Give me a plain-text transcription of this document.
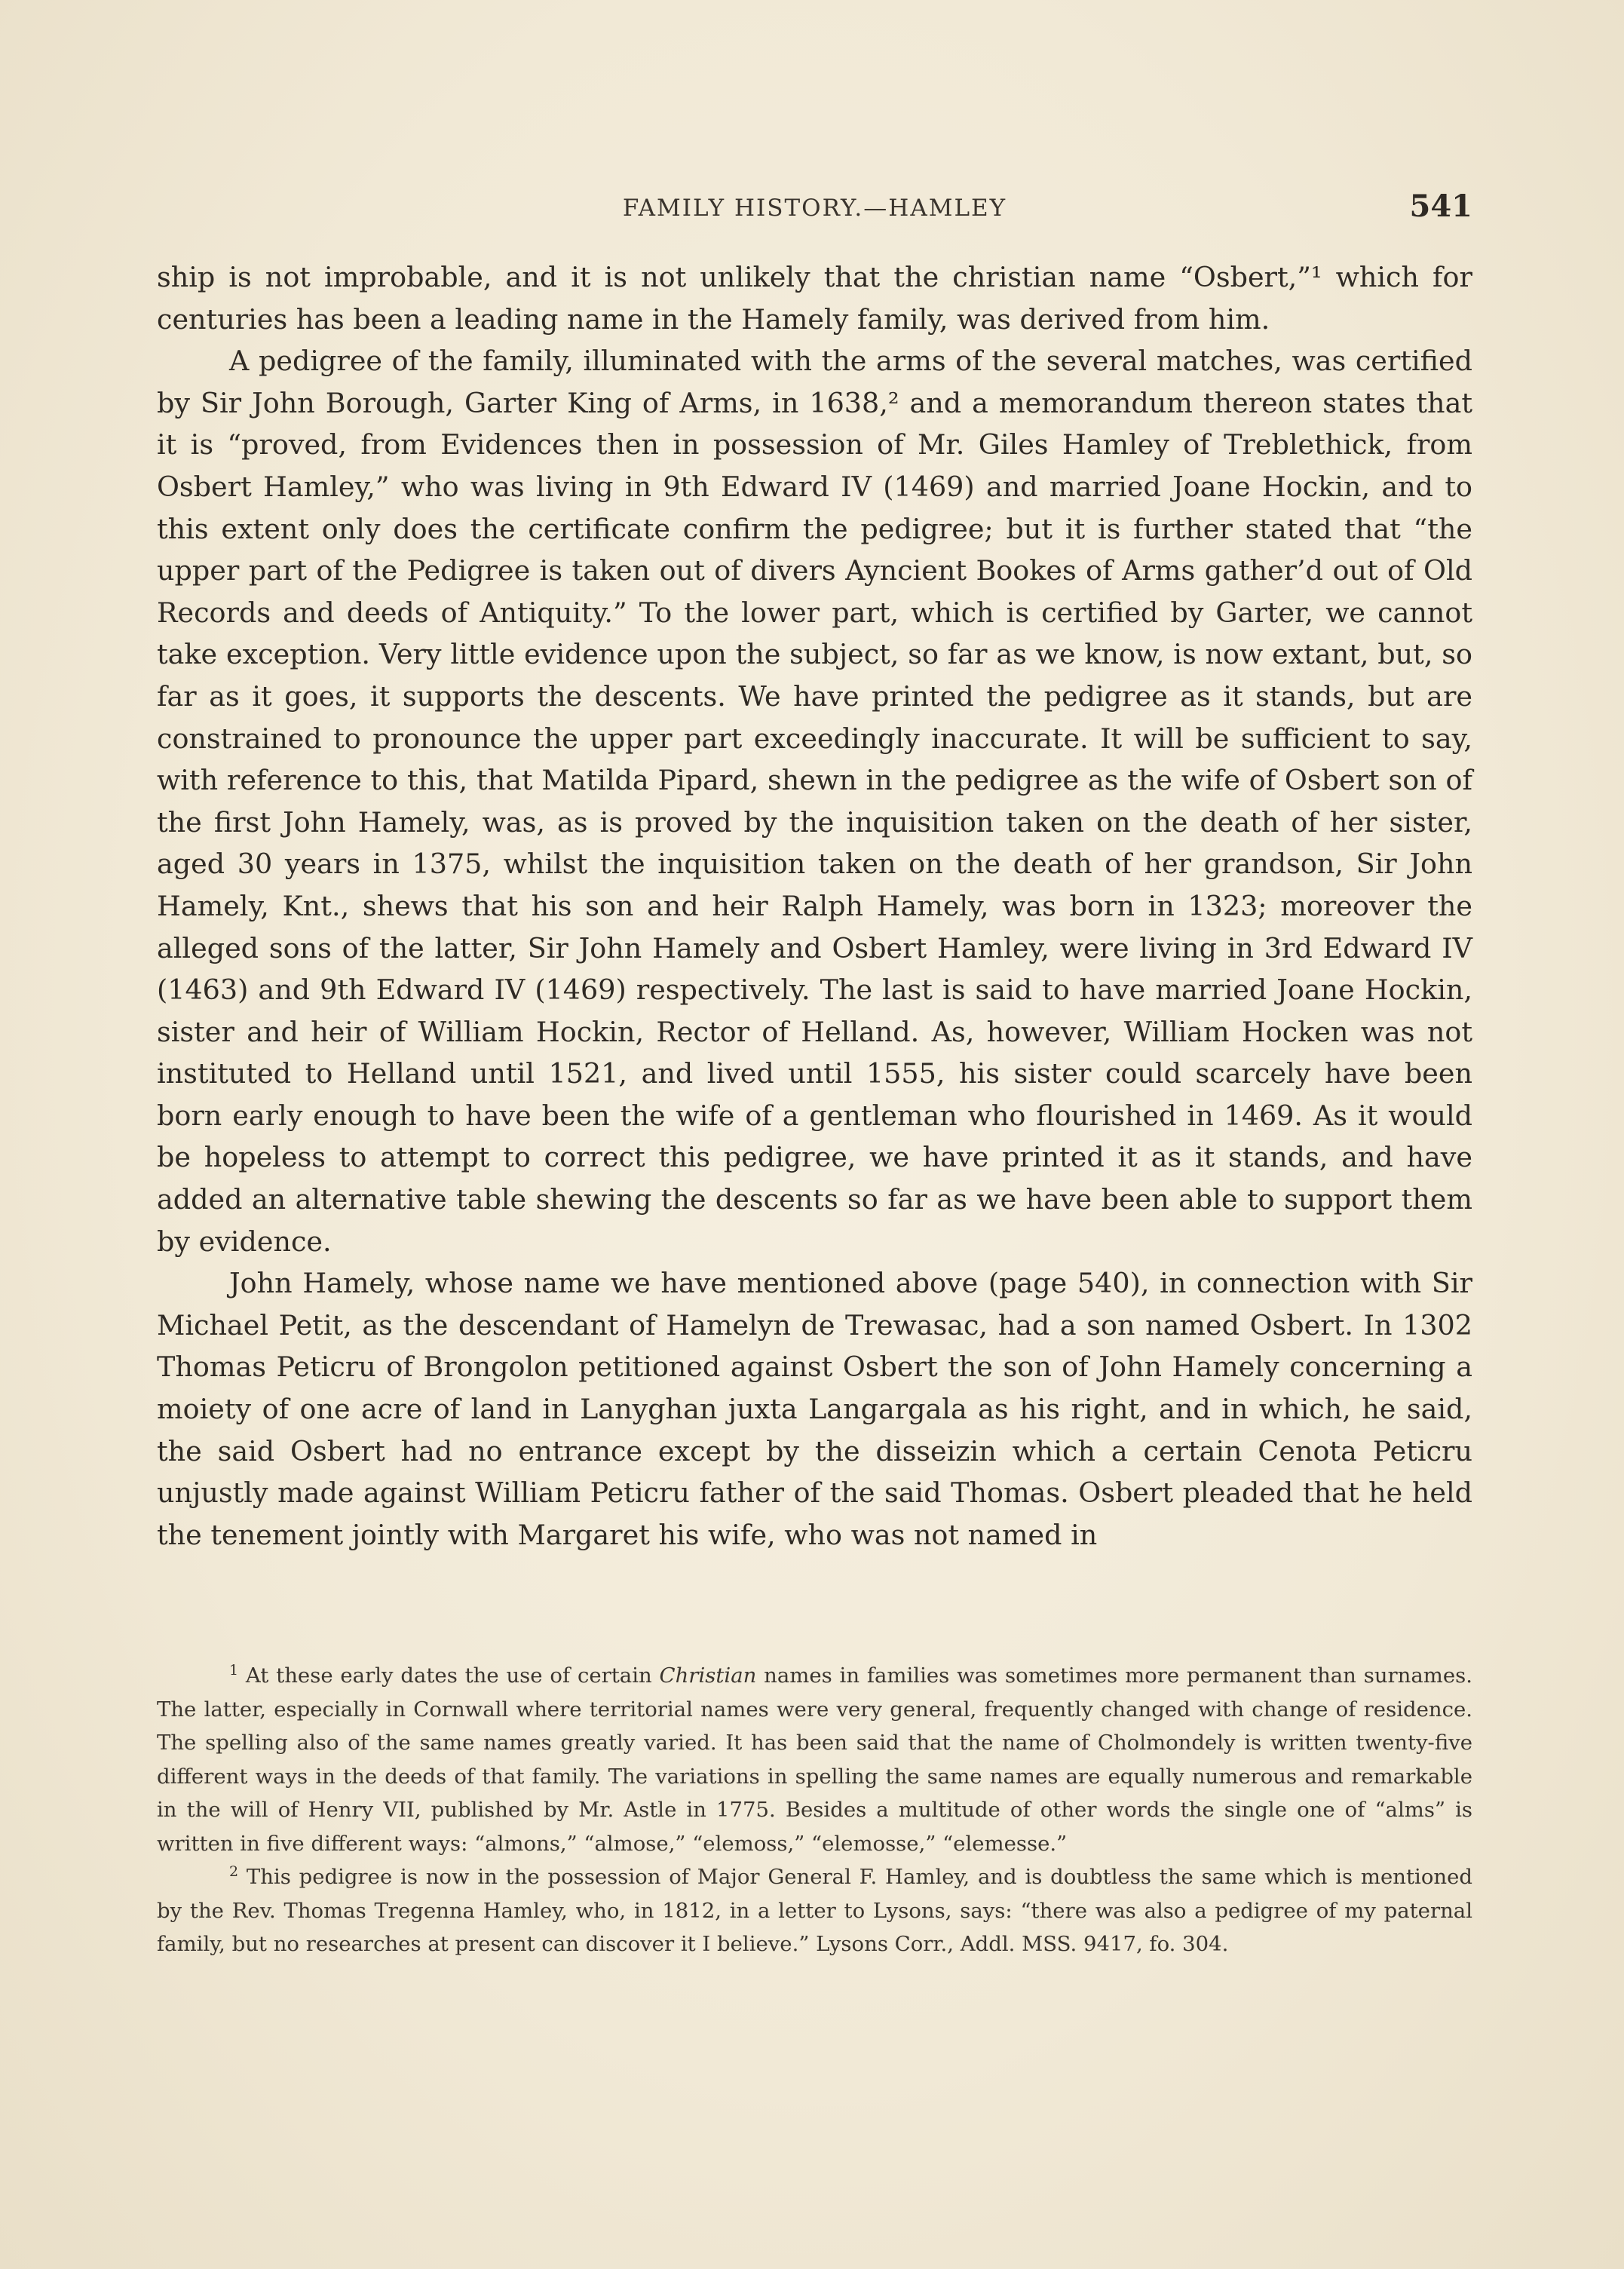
FAMILY HISTORY.—HAMLEY	541

ship is not improbable, and it is not unlikely that the christian name “Osbert,”¹ which for centuries has been a leading name in the Hamely family, was derived from him.

A pedigree of the family, illuminated with the arms of the several matches, was certified by Sir John Borough, Garter King of Arms, in 1638,² and a memorandum thereon states that it is “proved, from Evidences then in possession of Mr. Giles Hamley of Treblethick, from Osbert Hamley,” who was living in 9th Edward IV (1469) and married Joane Hockin, and to this extent only does the certificate confirm the pedigree; but it is further stated that “the upper part of the Pedigree is taken out of divers Ayncient Bookes of Arms gather’d out of Old Records and deeds of Antiquity.” To the lower part, which is certified by Garter, we cannot take exception. Very little evidence upon the subject, so far as we know, is now extant, but, so far as it goes, it supports the descents. We have printed the pedigree as it stands, but are constrained to pronounce the upper part exceedingly inaccurate. It will be sufficient to say, with reference to this, that Matilda Pipard, shewn in the pedigree as the wife of Osbert son of the first John Hamely, was, as is proved by the inquisition taken on the death of her sister, aged 30 years in 1375, whilst the inquisition taken on the death of her grandson, Sir John Hamely, Knt., shews that his son and heir Ralph Hamely, was born in 1323; moreover the alleged sons of the latter, Sir John Hamely and Osbert Hamley, were living in 3rd Edward IV (1463) and 9th Edward IV (1469) respectively. The last is said to have married Joane Hockin, sister and heir of William Hockin, Rector of Helland. As, however, William Hocken was not instituted to Helland until 1521, and lived until 1555, his sister could scarcely have been born early enough to have been the wife of a gentleman who flourished in 1469. As it would be hopeless to attempt to correct this pedigree, we have printed it as it stands, and have added an alternative table shewing the descents so far as we have been able to support them by evidence.

John Hamely, whose name we have mentioned above (page 540), in connection with Sir Michael Petit, as the descendant of Hamelyn de Trewasac, had a son named Osbert. In 1302 Thomas Peticru of Brongolon petitioned against Osbert the son of John Hamely concerning a moiety of one acre of land in Lanyghan juxta Langargala as his right, and in which, he said, the said Osbert had no entrance except by the disseizin which a certain Cenota Peticru unjustly made against William Peticru father of the said Thomas. Osbert pleaded that he held the tenement jointly with Margaret his wife, who was not named in

$^1$ At these early dates the use of certain Christian names in families was sometimes more permanent than surnames. The latter, especially in Cornwall where territorial names were very general, frequently changed with change of residence. The spelling also of the same names greatly varied. It has been said that the name of Cholmondely is written twenty-five different ways in the deeds of that family. The variations in spelling the same names are equally numerous and remarkable in the will of Henry VII, published by Mr. Astle in 1775. Besides a multitude of other words the single one of “alms” is written in five different ways: “almons,” “almose,” “elemoss,” “elemosse,” “elemesse.”

$^2$ This pedigree is now in the possession of Major General F. Hamley, and is doubtless the same which is mentioned by the Rev. Thomas Tregenna Hamley, who, in 1812, in a letter to Lysons, says: “there was also a pedigree of my paternal family, but no researches at present can discover it I believe.” Lysons Corr., Addl. MSS. 9417, fo. 304.
